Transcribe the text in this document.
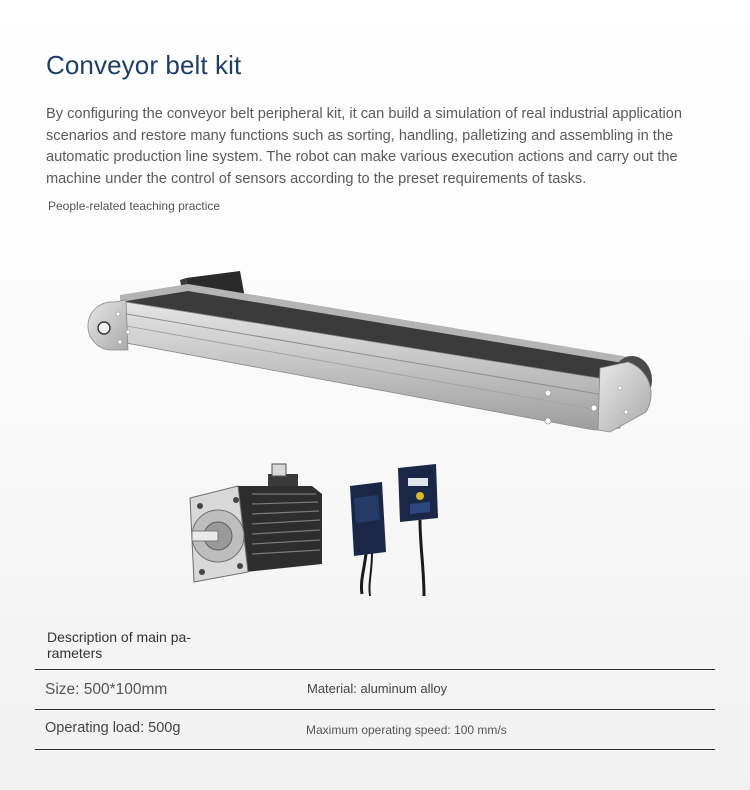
Conveyor belt kit

By configuring the conveyor belt peripheral kit, it can build a simulation of real industrial application scenarios and restore many functions such as sorting, handling, palletizing and assembling in the automatic production line system. The robot can make various execution actions and carry out the machine under the control of sensors according to the preset requirements of tasks.

People-related teaching practice

Description of main pa-rameters

Size: 500*100mm	Material: aluminum alloy
Operating load: 500g	Maximum operating speed: 100 mm/s
